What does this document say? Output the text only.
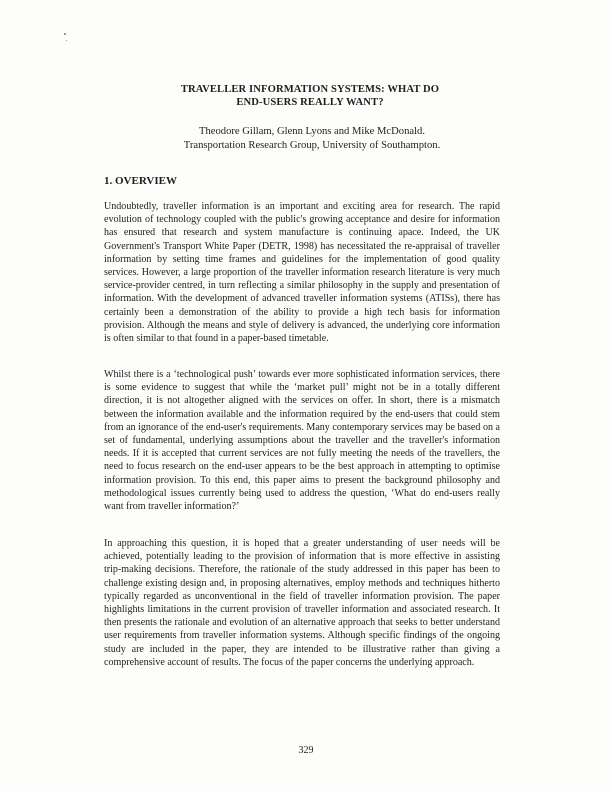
TRAVELLER INFORMATION SYSTEMS: WHAT DO
END-USERS REALLY WANT?
Theodore Gillam, Glenn Lyons and Mike McDonald.
Transportation Research Group, University of Southampton.
1. OVERVIEW

Undoubtedly, traveller information is an important and exciting area for research. The rapid evolution of technology coupled with the public's growing acceptance and desire for information has ensured that research and system manufacture is continuing apace. Indeed, the UK Government's Transport White Paper (DETR, 1998) has necessitated the re-appraisal of traveller information by setting time frames and guidelines for the implementation of good quality services. However, a large proportion of the traveller information research literature is very much service-provider centred, in turn reflecting a similar philosophy in the supply and presentation of information. With the development of advanced traveller information systems (ATISs), there has certainly been a demonstration of the ability to provide a high tech basis for information provision. Although the means and style of delivery is advanced, the underlying core information is often similar to that found in a paper-based timetable.

Whilst there is a ‘technological push’ towards ever more sophisticated information services, there is some evidence to suggest that while the ‘market pull’ might not be in a totally different direction, it is not altogether aligned with the services on offer. In short, there is a mismatch between the information available and the information required by the end-users that could stem from an ignorance of the end-user's requirements. Many contemporary services may be based on a set of fundamental, underlying assumptions about the traveller and the traveller's information needs. If it is accepted that current services are not fully meeting the needs of the travellers, the need to focus research on the end-user appears to be the best approach in attempting to optimise information provision. To this end, this paper aims to present the background philosophy and methodological issues currently being used to address the question, ‘What do end-users really want from traveller information?’

In approaching this question, it is hoped that a greater understanding of user needs will be achieved, potentially leading to the provision of information that is more effective in assisting trip-making decisions. Therefore, the rationale of the study addressed in this paper has been to challenge existing design and, in proposing alternatives, employ methods and techniques hitherto typically regarded as unconventional in the field of traveller information provision. The paper highlights limitations in the current provision of traveller information and associated research. It then presents the rationale and evolution of an alternative approach that seeks to better understand user requirements from traveller information systems. Although specific findings of the ongoing study are included in the paper, they are intended to be illustrative rather than giving a comprehensive account of results. The focus of the paper concerns the underlying approach.

329
